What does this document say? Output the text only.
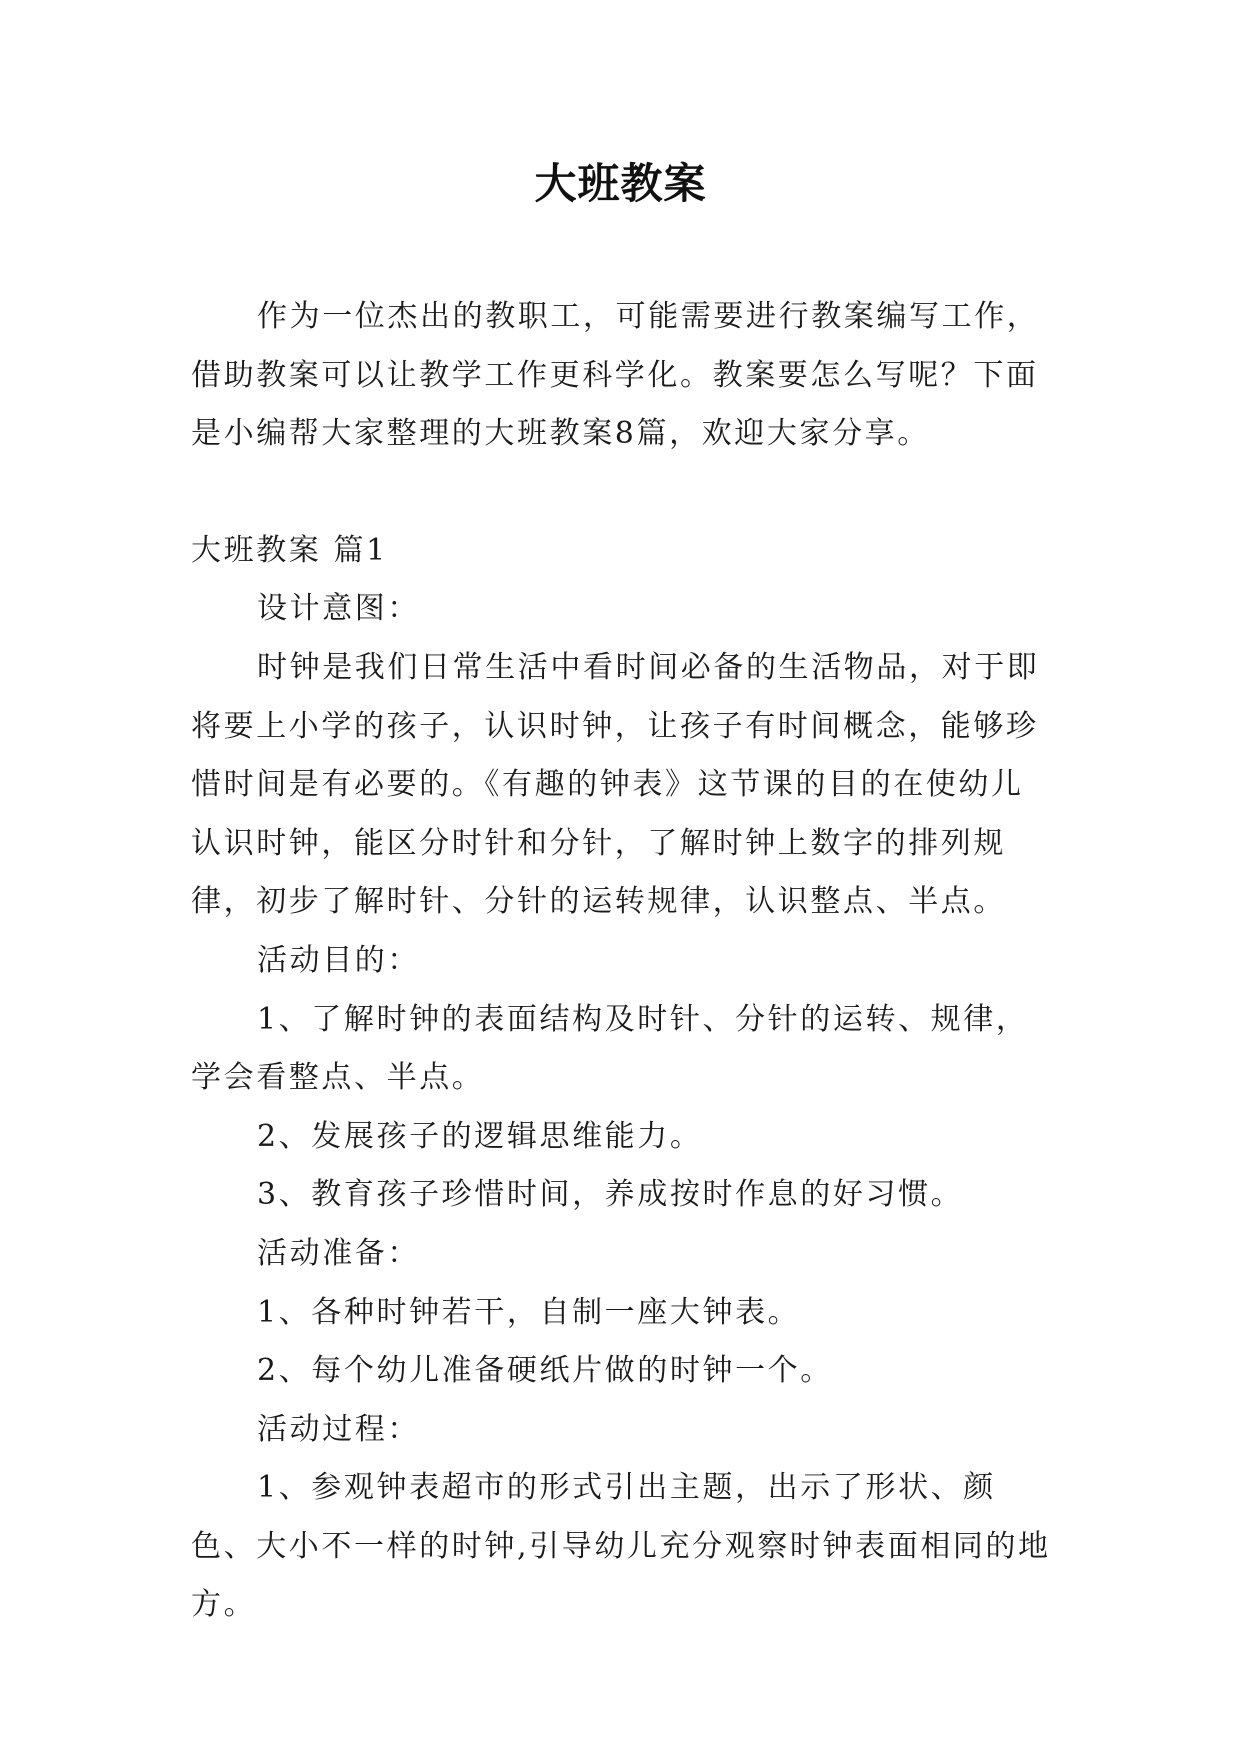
大班教案

作为一位杰出的教职工，可能需要进行教案编写工作，借助教案可以让教学工作更科学化。教案要怎么写呢？下面是小编帮大家整理的大班教案8篇，欢迎大家分享。

大班教案 篇1

设计意图：

时钟是我们日常生活中看时间必备的生活物品，对于即将要上小学的孩子，认识时钟，让孩子有时间概念，能够珍惜时间是有必要的。《有趣的钟表》这节课的目的在使幼儿认识时钟，能区分时针和分针，了解时钟上数字的排列规律，初步了解时针、分针的运转规律，认识整点、半点。

活动目的：

1、了解时钟的表面结构及时针、分针的运转、规律，学会看整点、半点。

2、发展孩子的逻辑思维能力。

3、教育孩子珍惜时间，养成按时作息的好习惯。

活动准备：

1、各种时钟若干，自制一座大钟表。

2、每个幼儿准备硬纸片做的时钟一个。

活动过程：

1、参观钟表超市的形式引出主题，出示了形状、颜色、大小不一样的时钟,引导幼儿充分观察时钟表面相同的地方。
